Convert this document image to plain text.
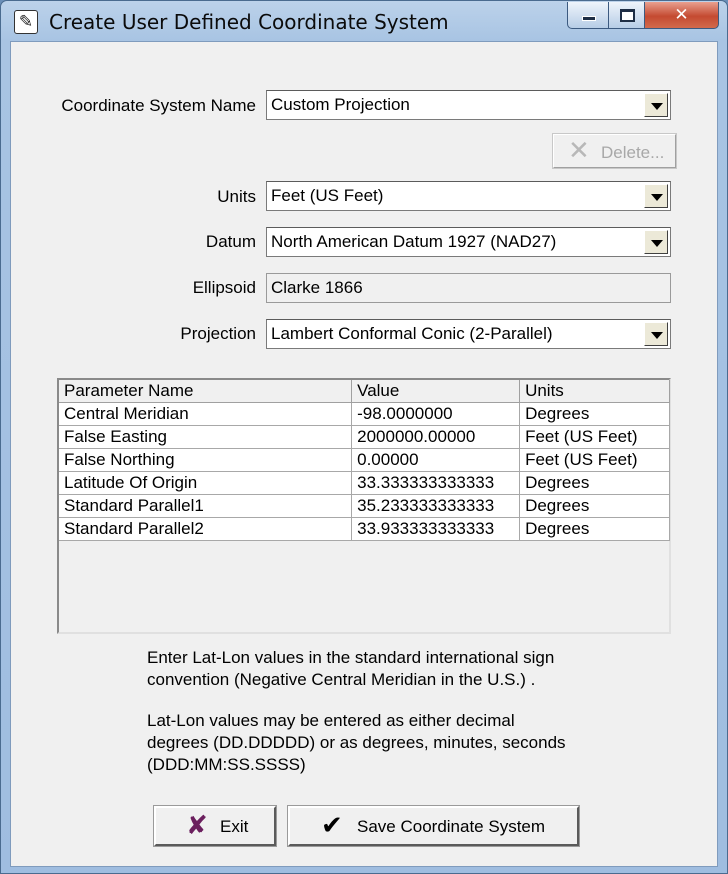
✎ Create User Defined Coordinate System	✕
Coordinate System Name Custom Projection
✕ Delete...
Units Feet (US Feet)
Datum North American Datum 1927 (NAD27)
Ellipsoid Clarke 1866
Projection Lambert Conformal Conic (2-Parallel)
Parameter Name	Value	Units
Central Meridian	-98.0000000	Degrees
False Easting	2000000.00000	Feet (US Feet)
False Northing	0.00000	Feet (US Feet)
Latitude Of Origin	33.333333333333	Degrees
Standard Parallel1	35.233333333333	Degrees
Standard Parallel2	33.933333333333	Degrees
Enter Lat-Lon values in the standard international sign
convention (Negative Central Meridian in the U.S.) .
Lat-Lon values may be entered as either decimal
degrees (DD.DDDDD) or as degrees, minutes, seconds
(DDD:MM:SS.SSSS)
✘ Exit	✔ Save Coordinate System
